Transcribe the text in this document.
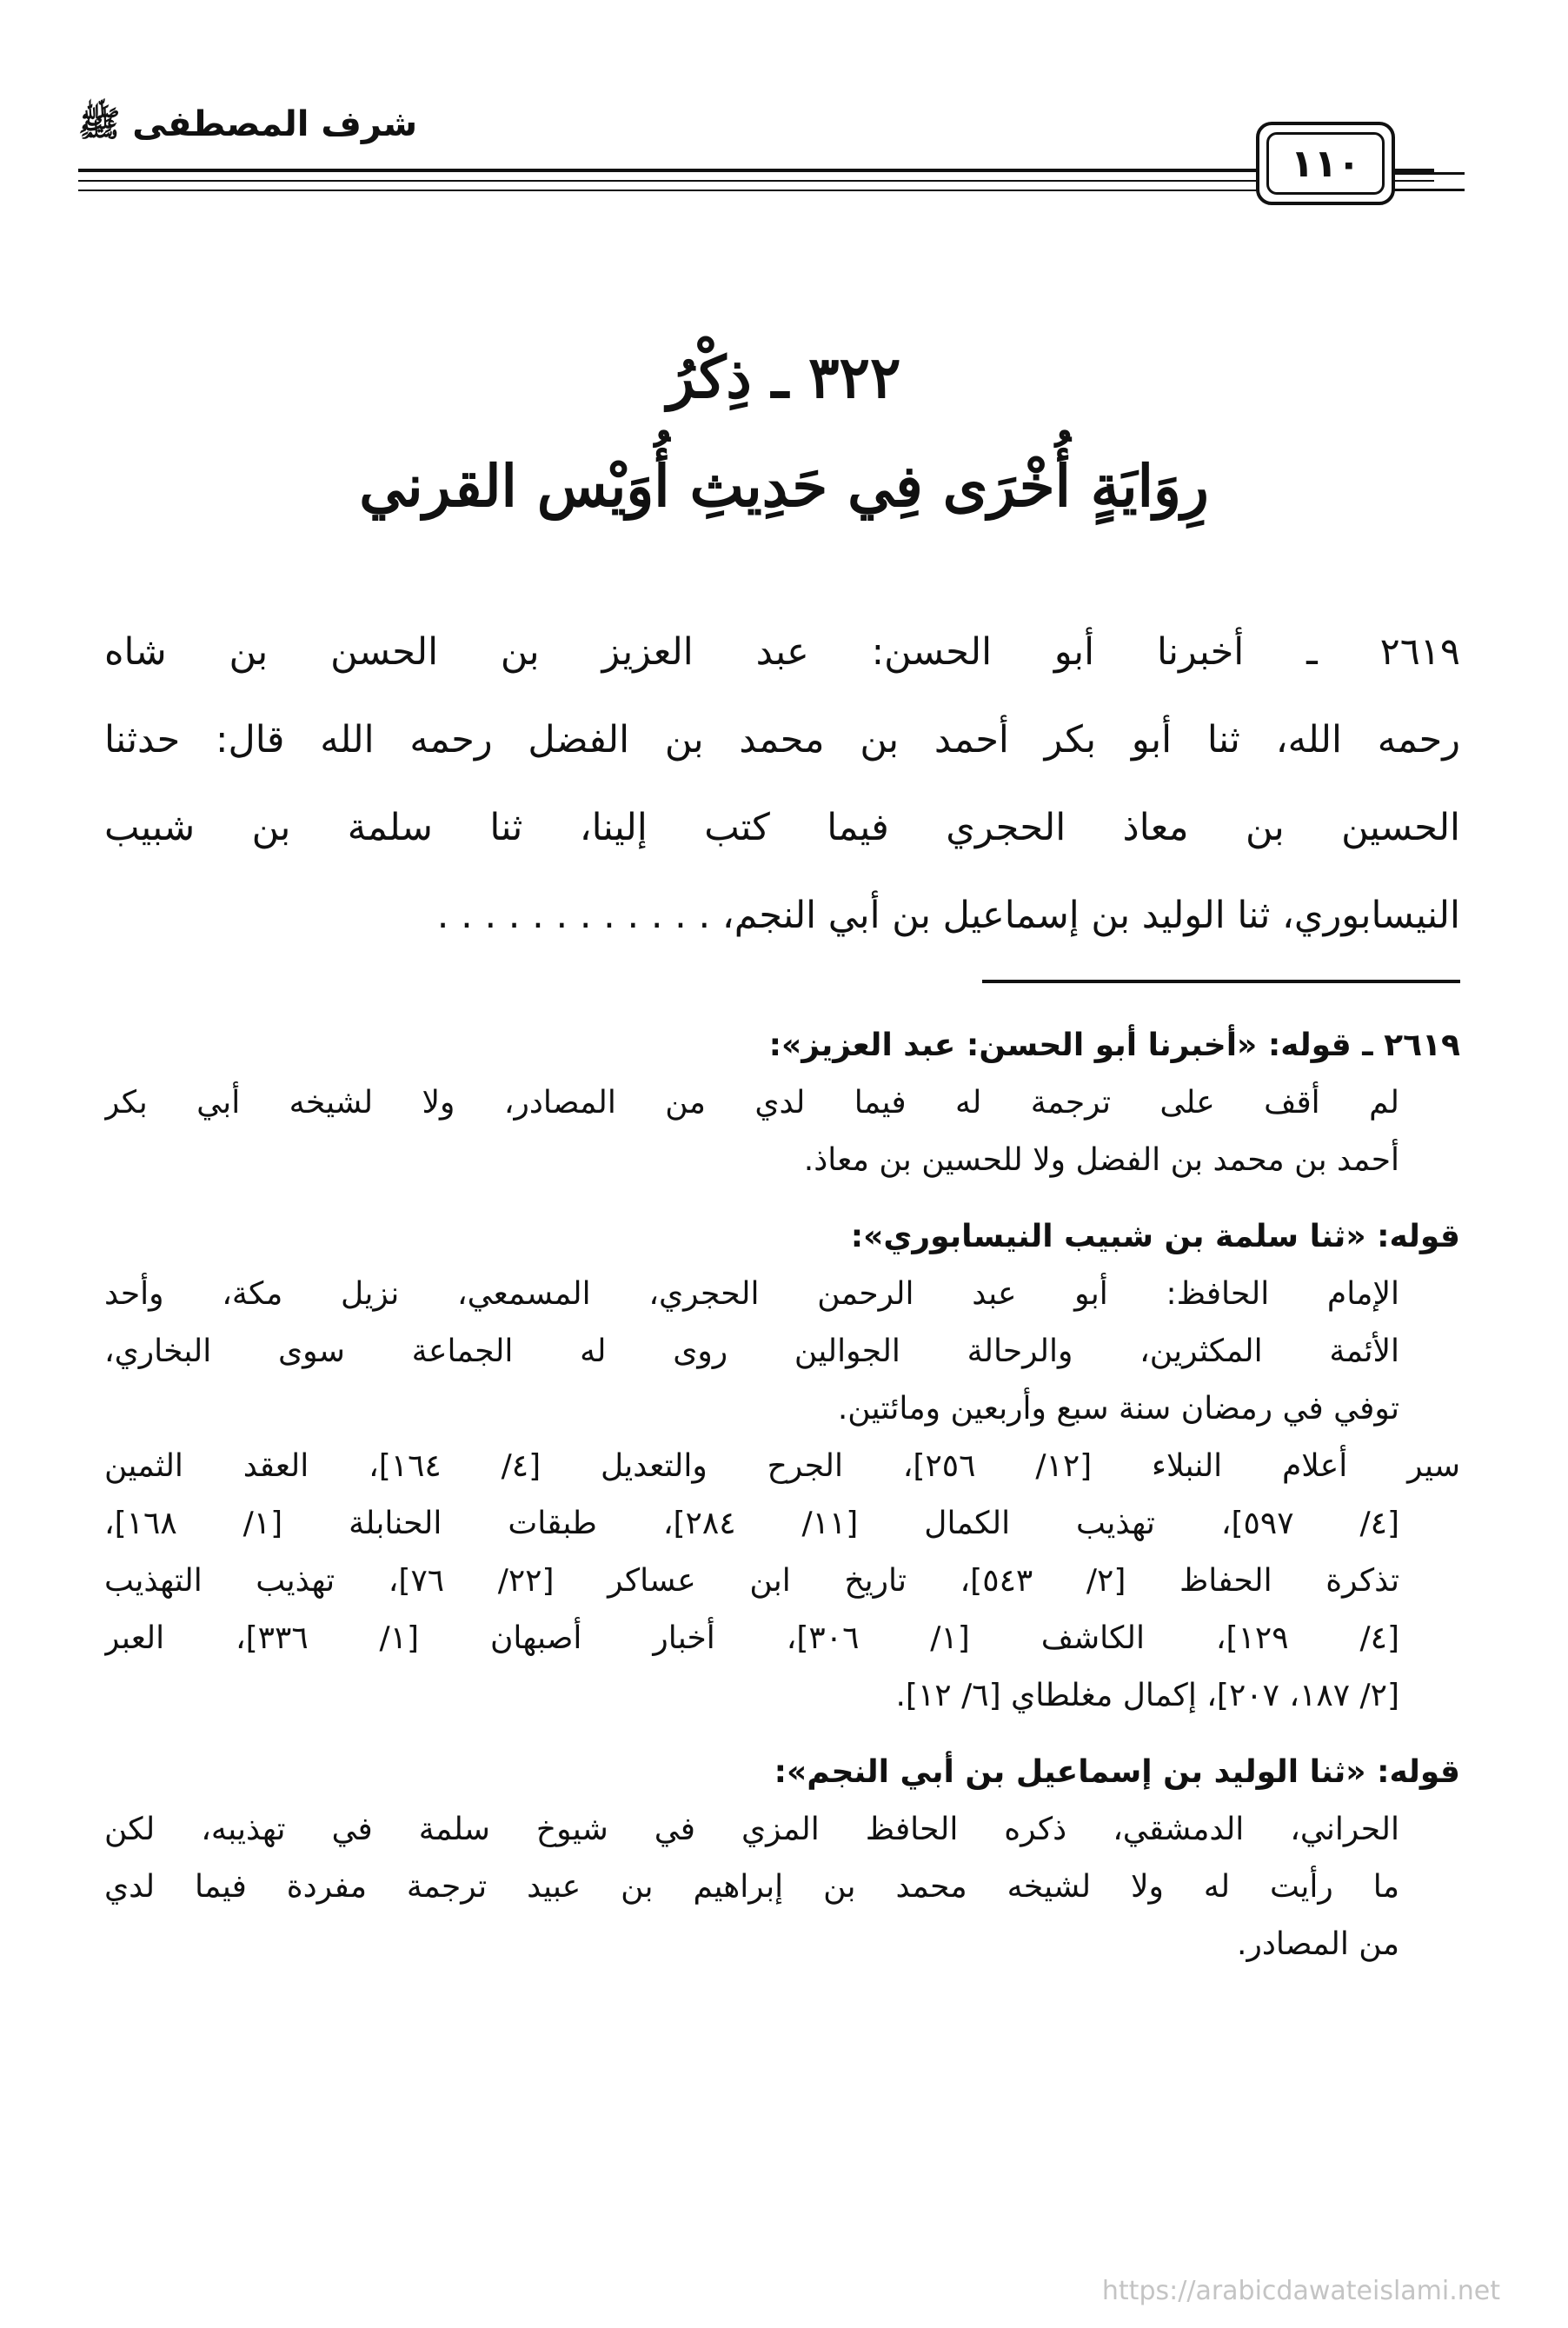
شرف المصطفى ﷺ
١١٠
٣٢٢ ـ ذِكْرُ
رِوَايَةٍ أُخْرَى فِي حَدِيثِ أُوَيْس القرني
٢٦١٩ ـ أخبرنا أبو الحسن: عبد العزيز بن الحسن بن شاه
رحمه الله، ثنا أبو بكر أحمد بن محمد بن الفضل رحمه الله قال: حدثنا
الحسين بن معاذ الحجري فيما كتب إلينا، ثنا سلمة بن شبيب
النيسابوري، ثنا الوليد بن إسماعيل بن أبي النجم، . . . . . . . . . . . .
٢٦١٩ ـ قوله: «أخبرنا أبو الحسن: عبد العزيز»:
لم أقف على ترجمة له فيما لدي من المصادر، ولا لشيخه أبي بكر
أحمد بن محمد بن الفضل ولا للحسين بن معاذ.
قوله: «ثنا سلمة بن شبيب النيسابوري»:
الإمام الحافظ: أبو عبد الرحمن الحجري، المسمعي، نزيل مكة، وأحد
الأئمة المكثرين، والرحالة الجوالين روى له الجماعة سوى البخاري،
توفي في رمضان سنة سبع وأربعين ومائتين.
سير أعلام النبلاء [١٢/ ٢٥٦]، الجرح والتعديل [٤/ ١٦٤]، العقد الثمين
[٤/ ٥٩٧]، تهذيب الكمال [١١/ ٢٨٤]، طبقات الحنابلة [١/ ١٦٨]،
تذكرة الحفاظ [٢/ ٥٤٣]، تاريخ ابن عساكر [٢٢/ ٧٦]، تهذيب التهذيب
[٤/ ١٢٩]، الكاشف [١/ ٣٠٦]، أخبار أصبهان [١/ ٣٣٦]، العبر
[٢/ ١٨٧، ٢٠٧]، إكمال مغلطاي [٦/ ١٢].
قوله: «ثنا الوليد بن إسماعيل بن أبي النجم»:
الحراني، الدمشقي، ذكره الحافظ المزي في شيوخ سلمة في تهذيبه، لكن
ما رأيت له ولا لشيخه محمد بن إبراهيم بن عبيد ترجمة مفردة فيما لدي
من المصادر.
https://arabicdawateislami.net
